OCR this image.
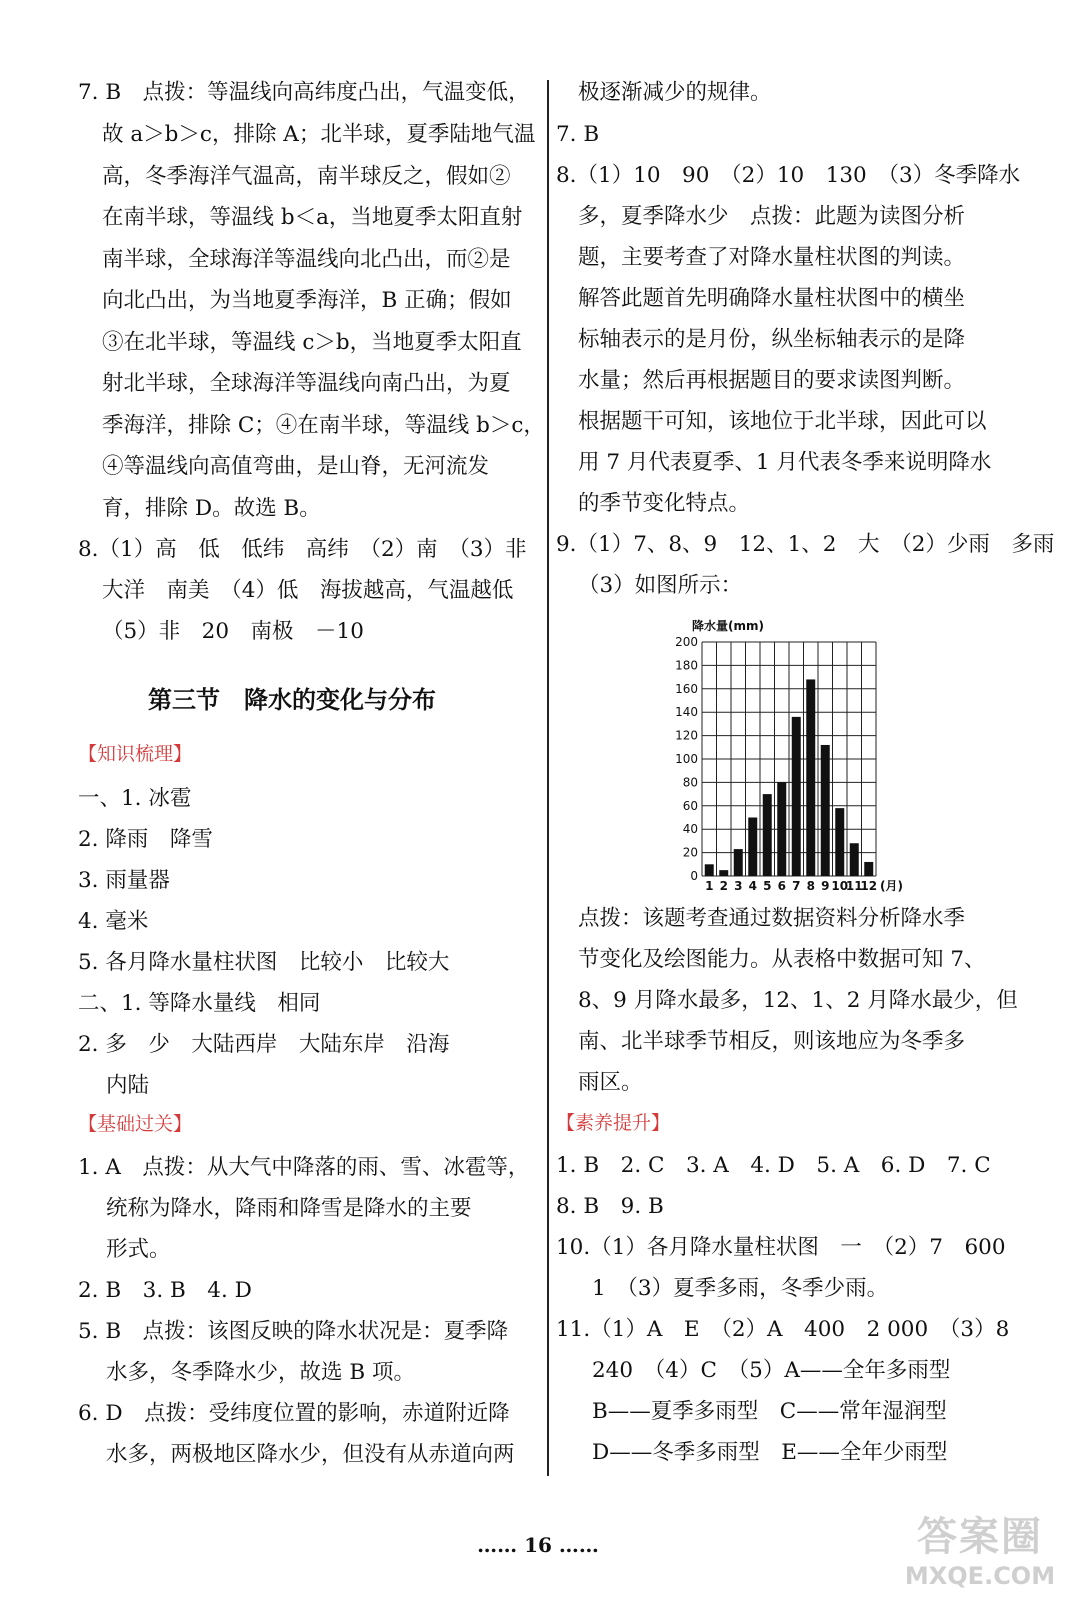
7. B　点拨：等温线向高纬度凸出，气温变低，
故 a＞b＞c，排除 A；北半球，夏季陆地气温
高，冬季海洋气温高，南半球反之，假如②
在南半球，等温线 b＜a，当地夏季太阳直射
南半球，全球海洋等温线向北凸出，而②是
向北凸出，为当地夏季海洋，B 正确；假如
③在北半球，等温线 c＞b，当地夏季太阳直
射北半球，全球海洋等温线向南凸出，为夏
季海洋，排除 C；④在南半球，等温线 b＞c，
④等温线向高值弯曲，是山脊，无河流发
育，排除 D。故选 B。
8.（1）高　低　低纬　高纬　（2）南　（3）非
大洋　南美　（4）低　海拔越高，气温越低
（5）非　20　南极　－10
第三节　降水的变化与分布
【知识梳理】
一、1. 冰雹
2. 降雨　降雪
3. 雨量器
4. 毫米
5. 各月降水量柱状图　比较小　比较大
二、1. 等降水量线　相同
2. 多　少　大陆西岸　大陆东岸　沿海
内陆
【基础过关】
1. A　点拨：从大气中降落的雨、雪、冰雹等，
统称为降水，降雨和降雪是降水的主要
形式。
2. B　3. B　4. D
5. B　点拨：该图反映的降水状况是：夏季降
水多，冬季降水少，故选 B 项。
6. D　点拨：受纬度位置的影响，赤道附近降
水多，两极地区降水少，但没有从赤道向两
极逐渐减少的规律。
7. B
8.（1）10　90　（2）10　130　（3）冬季降水
多，夏季降水少　点拨：此题为读图分析
题，主要考查了对降水量柱状图的判读。
解答此题首先明确降水量柱状图中的横坐
标轴表示的是月份，纵坐标轴表示的是降
水量；然后再根据题目的要求读图判断。
根据题干可知，该地位于北半球，因此可以
用 7 月代表夏季、1 月代表冬季来说明降水
的季节变化特点。
9.（1）7、8、9　12、1、2　大　（2）少雨　多雨
（3）如图所示：
点拨：该题考查通过数据资料分析降水季
节变化及绘图能力。从表格中数据可知 7、
8、9 月降水最多，12、1、2 月降水最少，但
南、北半球季节相反，则该地应为冬季多
雨区。
【素养提升】
1. B　2. C　3. A　4. D　5. A　6. D　7. C
8. B　9. B
10.（1）各月降水量柱状图　一　（2）7　600
1　（3）夏季多雨，冬季少雨。
11.（1）A　E　（2）A　400　2 000　（3）8
240　（4）C　（5）A——全年多雨型
B——夏季多雨型　C——常年湿润型
D——冬季多雨型　E——全年少雨型
0
20
40
60
80
100
120
140
160
180
200
1 2 3 4 5 6 7 8 9 10
11
12
降水量(mm)
(月)
…… 16 ……	答案圈
MXQE.COM
